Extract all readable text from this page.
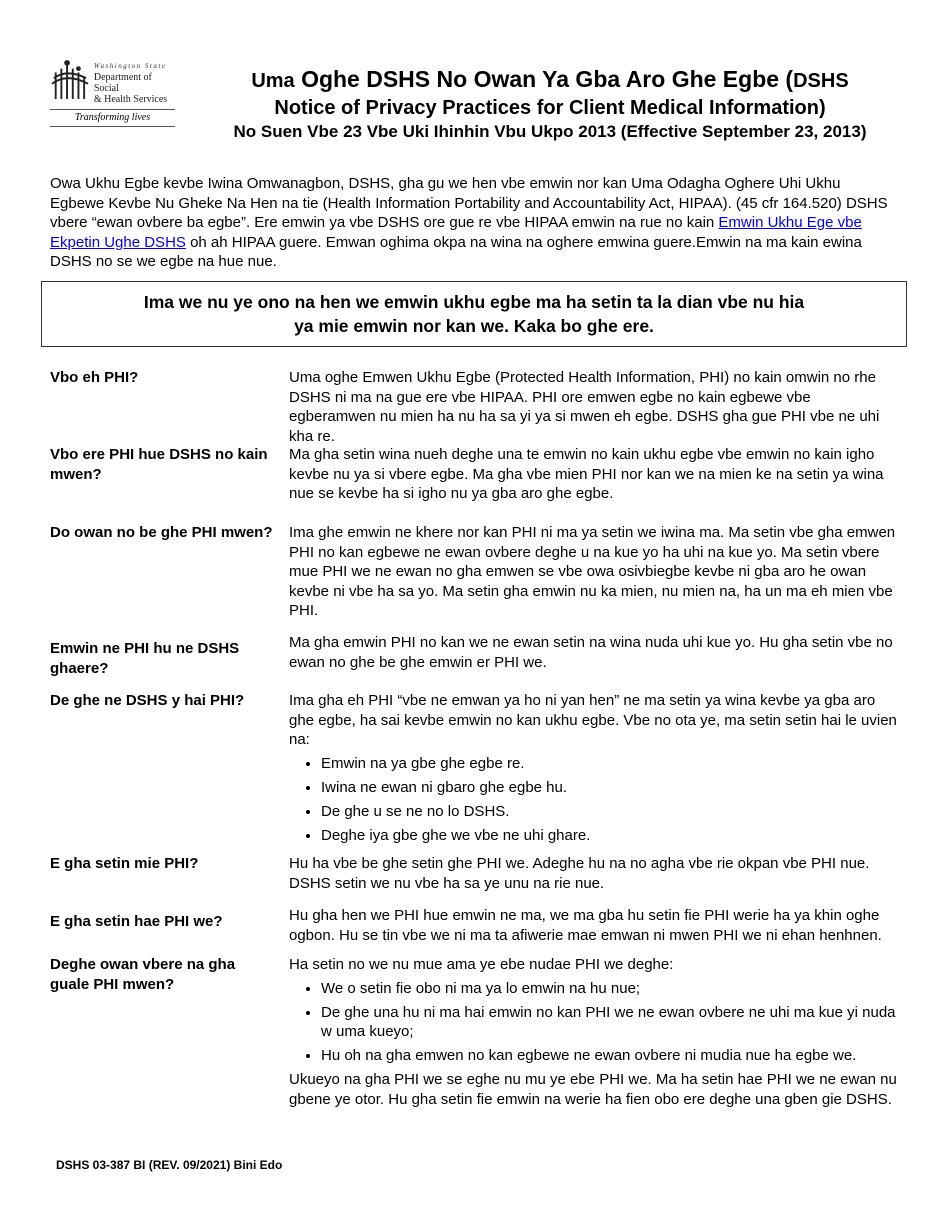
Washington State
Department of Social
& Health Services
Transforming lives
Uma Oghe DSHS No Owan Ya Gba Aro Ghe Egbe (DSHS
Notice of Privacy Practices for Client Medical Information)
No Suen Vbe 23 Vbe Uki Ihinhin Vbu Ukpo 2013 (Effective September 23, 2013)
Owa Ukhu Egbe kevbe Iwina Omwanagbon, DSHS, gha gu we hen vbe emwin nor kan Uma Odagha Oghere Uhi Ukhu Egbewe Kevbe Nu Gheke Na Hen na tie (Health Information Portability and Accountability Act, HIPAA). (45 cfr 164.520) DSHS vbere “ewan ovbere ba egbe”. Ere emwin ya vbe DSHS ore gue re vbe HIPAA emwin na rue no kain Emwin Ukhu Ege vbe Ekpetin Ughe DSHS oh ah HIPAA guere. Emwan oghima okpa na wina na oghere emwina guere.Emwin na ma kain ewina DSHS no se we egbe na hue nue.
Ima we nu ye ono na hen we emwin ukhu egbe ma ha setin ta la dian vbe nu hia
ya mie emwin nor kan we. Kaka bo ghe ere.
Vbo eh PHI?	Uma oghe Emwen Ukhu Egbe (Protected Health Information, PHI) no kain omwin no rhe DSHS ni ma na gue ere vbe HIPAA. PHI ore emwen egbe no kain egbewe vbe egberamwen nu mien ha nu ha sa yi ya si mwen eh egbe. DSHS gha gue PHI vbe ne uhi kha re.
Vbo ere PHI hue DSHS no kain mwen?
Ma gha setin wina nueh deghe una te emwin no kain ukhu egbe vbe emwin no kain igho kevbe nu ya si vbere egbe. Ma gha vbe mien PHI nor kan we na mien ke na setin ya wina nue se kevbe ha si igho nu ya gba aro ghe egbe.
Do owan no be ghe PHI mwen? Ima ghe emwin ne khere nor kan PHI ni ma ya setin we iwina ma. Ma setin vbe gha emwen PHI no kan egbewe ne ewan ovbere deghe u na kue yo ha uhi na kue yo. Ma setin vbere mue PHI we ne ewan no gha emwen se vbe owa osivbiegbe kevbe ni gba aro he owan kevbe ni vbe ha sa yo. Ma setin gha emwin nu ka mien, nu mien na, ha un ma eh mien vbe PHI.
Emwin ne PHI hu ne DSHS ghaere?
Ma gha emwin PHI no kan we ne ewan setin na wina nuda uhi kue yo. Hu gha setin vbe no ewan no ghe be ghe emwin er PHI we.
De ghe ne DSHS y hai PHI?	Ima gha eh PHI “vbe ne emwan ya ho ni yan hen” ne ma setin ya wina kevbe ya gba aro ghe egbe, ha sai kevbe emwin no kan ukhu egbe. Vbe no ota ye, ma setin setin hai le uvien na:

• Emwin na ya gbe ghe egbe re.
• Iwina ne ewan ni gbaro ghe egbe hu.
• De ghe u se ne no lo DSHS.
• Deghe iya gbe ghe we vbe ne uhi ghare.
E gha setin mie PHI?	Hu ha vbe be ghe setin ghe PHI we. Adeghe hu na no agha vbe rie okpan vbe PHI nue. DSHS setin we nu vbe ha sa ye unu na rie nue.
E gha setin hae PHI we?	Hu gha hen we PHI hue emwin ne ma, we ma gba hu setin fie PHI werie ha ya khin oghe ogbon. Hu se tin vbe we ni ma ta afiwerie mae emwan ni mwen PHI we ni ehan henhnen.
Deghe owan vbere na gha guale PHI mwen?

Ha setin no we nu mue ama ye ebe nudae PHI we deghe:

• We o setin fie obo ni ma ya lo emwin na hu nue;
• De ghe una hu ni ma hai emwin no kan PHI we ne ewan ovbere ne uhi ma kue yi nuda w uma kueyo;
• Hu oh na gha emwen no kan egbewe ne ewan ovbere ni mudia nue ha egbe we.

Ukueyo na gha PHI we se eghe nu mu ye ebe PHI we. Ma ha setin hae PHI we ne ewan nu gbene ye otor. Hu gha setin fie emwin na werie ha fien obo ere deghe una gben gie DSHS.

DSHS 03-387 BI (REV. 09/2021) Bini Edo
